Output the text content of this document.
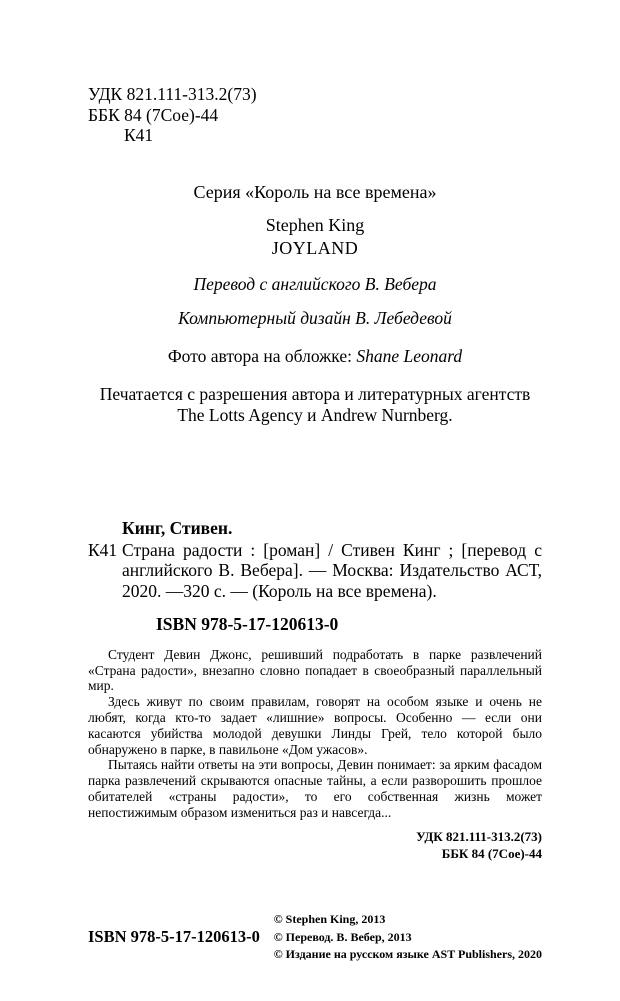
УДК 821.111-313.2(73)
ББК 84 (7Сое)-44
К41
Серия «Король на все времена»
Stephen King
JOYLAND
Перевод с английского В. Вебера
Компьютерный дизайн В. Лебедевой
Фото автора на обложке: Shane Leonard
Печатается с разрешения автора и литературных агентств
The Lotts Agency и Andrew Nurnberg.
Кинг, Стивен.
К41 Страна радости : [роман] / Стивен Кинг ; [перевод с английского В. Вебера]. — Москва: Издательство АСТ, 2020. —320 с. — (Король на все времена).
ISBN 978-5-17-120613-0

Студент Девин Джонс, решивший подработать в парке развлечений «Страна радости», внезапно словно попадает в своеобразный параллельный мир.

Здесь живут по своим правилам, говорят на особом языке и очень не любят, когда кто-то задает «лишние» вопросы. Особенно — если они касаются убийства молодой девушки Линды Грей, тело которой было обнаружено в парке, в павильоне «Дом ужасов».

Пытаясь найти ответы на эти вопросы, Девин понимает: за ярким фасадом парка развлечений скрываются опасные тайны, а если разворошить прошлое обитателей «страны радости», то его собственная жизнь может непостижимым образом измениться раз и навсегда...

УДК 821.111-313.2(73)
ББК 84 (7Сое)-44
ISBN 978-5-17-120613-0
© Stephen King, 2013
© Перевод. В. Вебер, 2013
© Издание на русском языке AST Publishers, 2020
